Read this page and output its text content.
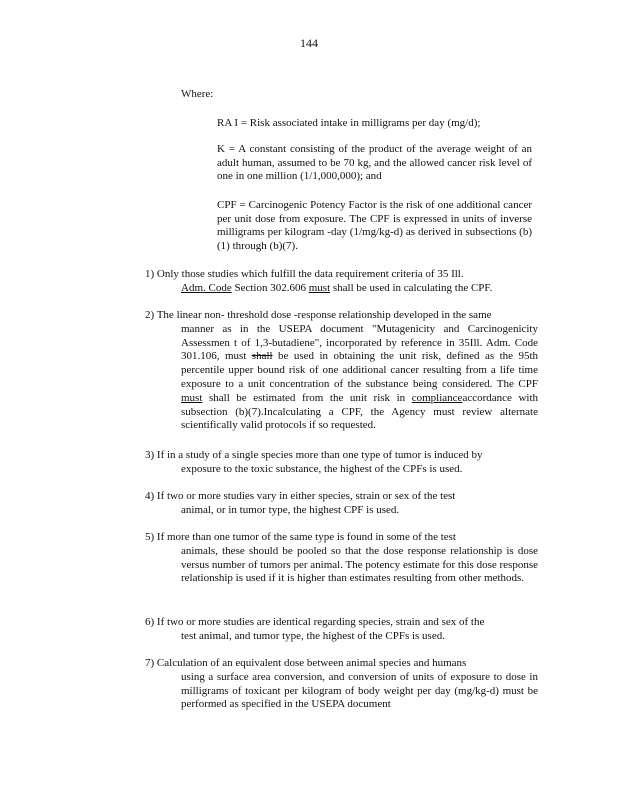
144
Where:
RA I = Risk associated intake in milligrams per day (mg/d);
K = A constant consisting of the product of the average weight of an adult human, assumed to be 70 kg, and the allowed cancer risk level of one in one million (1/1,000,000); and
CPF = Carcinogenic Potency Factor is the risk of one additional cancer per unit dose from exposure. The CPF is expressed in units of inverse milligrams per kilogram -day (1/mg/kg-d) as derived in subsections (b)(1) through (b)(7).
1) Only those studies which fulfill the data requirement criteria of 35 Ill.
Adm. Code Section 302.606 must shall be used in calculating the CPF.
2) The linear non- threshold dose -response relationship developed in the same
manner as in the USEPA document "Mutagenicity and Carcinogenicity Assessmen t of 1,3-butadiene", incorporated by reference in 35Ill. Adm. Code 301.106, must shall be used in obtaining the unit risk, defined as the 95th percentile upper bound risk of one additional cancer resulting from a life time exposure to a unit concentration of the substance being considered. The CPF must shall be estimated from the unit risk in complianceaccordance with subsection (b)(7).Incalculating a CPF, the Agency must review alternate scientifically valid protocols if so requested.
3) If in a study of a single species more than one type of tumor is induced by
exposure to the toxic substance, the highest of the CPFs is used.
4) If two or more studies vary in either species, strain or sex of the test
animal, or in tumor type, the highest CPF is used.
5) If more than one tumor of the same type is found in some of the test
animals, these should be pooled so that the dose response relationship is dose versus number of tumors per animal. The potency estimate for this dose response relationship is used if it is higher than estimates resulting from other methods.
6) If two or more studies are identical regarding species, strain and sex of the
test animal, and tumor type, the highest of the CPFs is used.
7) Calculation of an equivalent dose between animal species and humans
using a surface area conversion, and conversion of units of exposure to dose in milligrams of toxicant per kilogram of body weight per day (mg/kg-d) must be performed as specified in the USEPA document
